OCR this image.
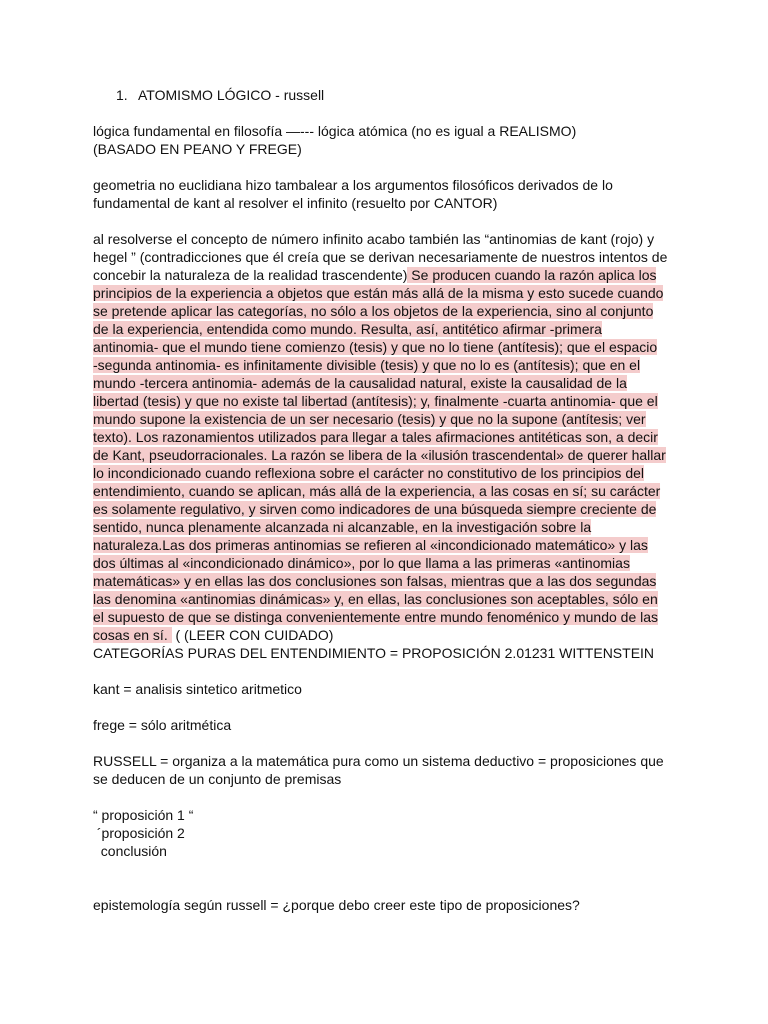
1. ATOMISMO LÓGICO - russell
lógica fundamental en filosofía —--- lógica atómica (no es igual a REALISMO)
(BASADO EN PEANO Y FREGE)
geometria no euclidiana hizo tambalear a los argumentos filosóficos derivados de lo
fundamental de kant al resolver el infinito (resuelto por CANTOR)
al resolverse el concepto de número infinito acabo también las “antinomias de kant (rojo) y
hegel ” (contradicciones que él creía que se derivan necesariamente de nuestros intentos de
concebir la naturaleza de la realidad trascendente) Se producen cuando la razón aplica los
principios de la experiencia a objetos que están más allá de la misma y esto sucede cuando
se pretende aplicar las categorías, no sólo a los objetos de la experiencia, sino al conjunto
de la experiencia, entendida como mundo. Resulta, así, antitético afirmar -primera
antinomia- que el mundo tiene comienzo (tesis) y que no lo tiene (antítesis); que el espacio
-segunda antinomia- es infinitamente divisible (tesis) y que no lo es (antítesis); que en el
mundo -tercera antinomia- además de la causalidad natural, existe la causalidad de la
libertad (tesis) y que no existe tal libertad (antítesis); y, finalmente -cuarta antinomia- que el
mundo supone la existencia de un ser necesario (tesis) y que no la supone (antítesis; ver
texto). Los razonamientos utilizados para llegar a tales afirmaciones antitéticas son, a decir
de Kant, pseudorracionales. La razón se libera de la «ilusión trascendental» de querer hallar
lo incondicionado cuando reflexiona sobre el carácter no constitutivo de los principios del
entendimiento, cuando se aplican, más allá de la experiencia, a las cosas en sí; su carácter
es solamente regulativo, y sirven como indicadores de una búsqueda siempre creciente de
sentido, nunca plenamente alcanzada ni alcanzable, en la investigación sobre la
naturaleza.Las dos primeras antinomias se refieren al «incondicionado matemático» y las
dos últimas al «incondicionado dinámico», por lo que llama a las primeras «antinomias
matemáticas» y en ellas las dos conclusiones son falsas, mientras que a las dos segundas
las denomina «antinomias dinámicas» y, en ellas, las conclusiones son aceptables, sólo en
el supuesto de que se distinga convenientemente entre mundo fenoménico y mundo de las
cosas en sí.  ( (LEER CON CUIDADO)
CATEGORÍAS PURAS DEL ENTENDIMIENTO = PROPOSICIÓN 2.01231 WITTENSTEIN
kant = analisis sintetico aritmetico
frege = sólo aritmética
RUSSELL = organiza a la matemática pura como un sistema deductivo = proposiciones que
se deducen de un conjunto de premisas
“ proposición 1 “
´proposición 2
conclusión
epistemología según russell = ¿porque debo creer este tipo de proposiciones?
